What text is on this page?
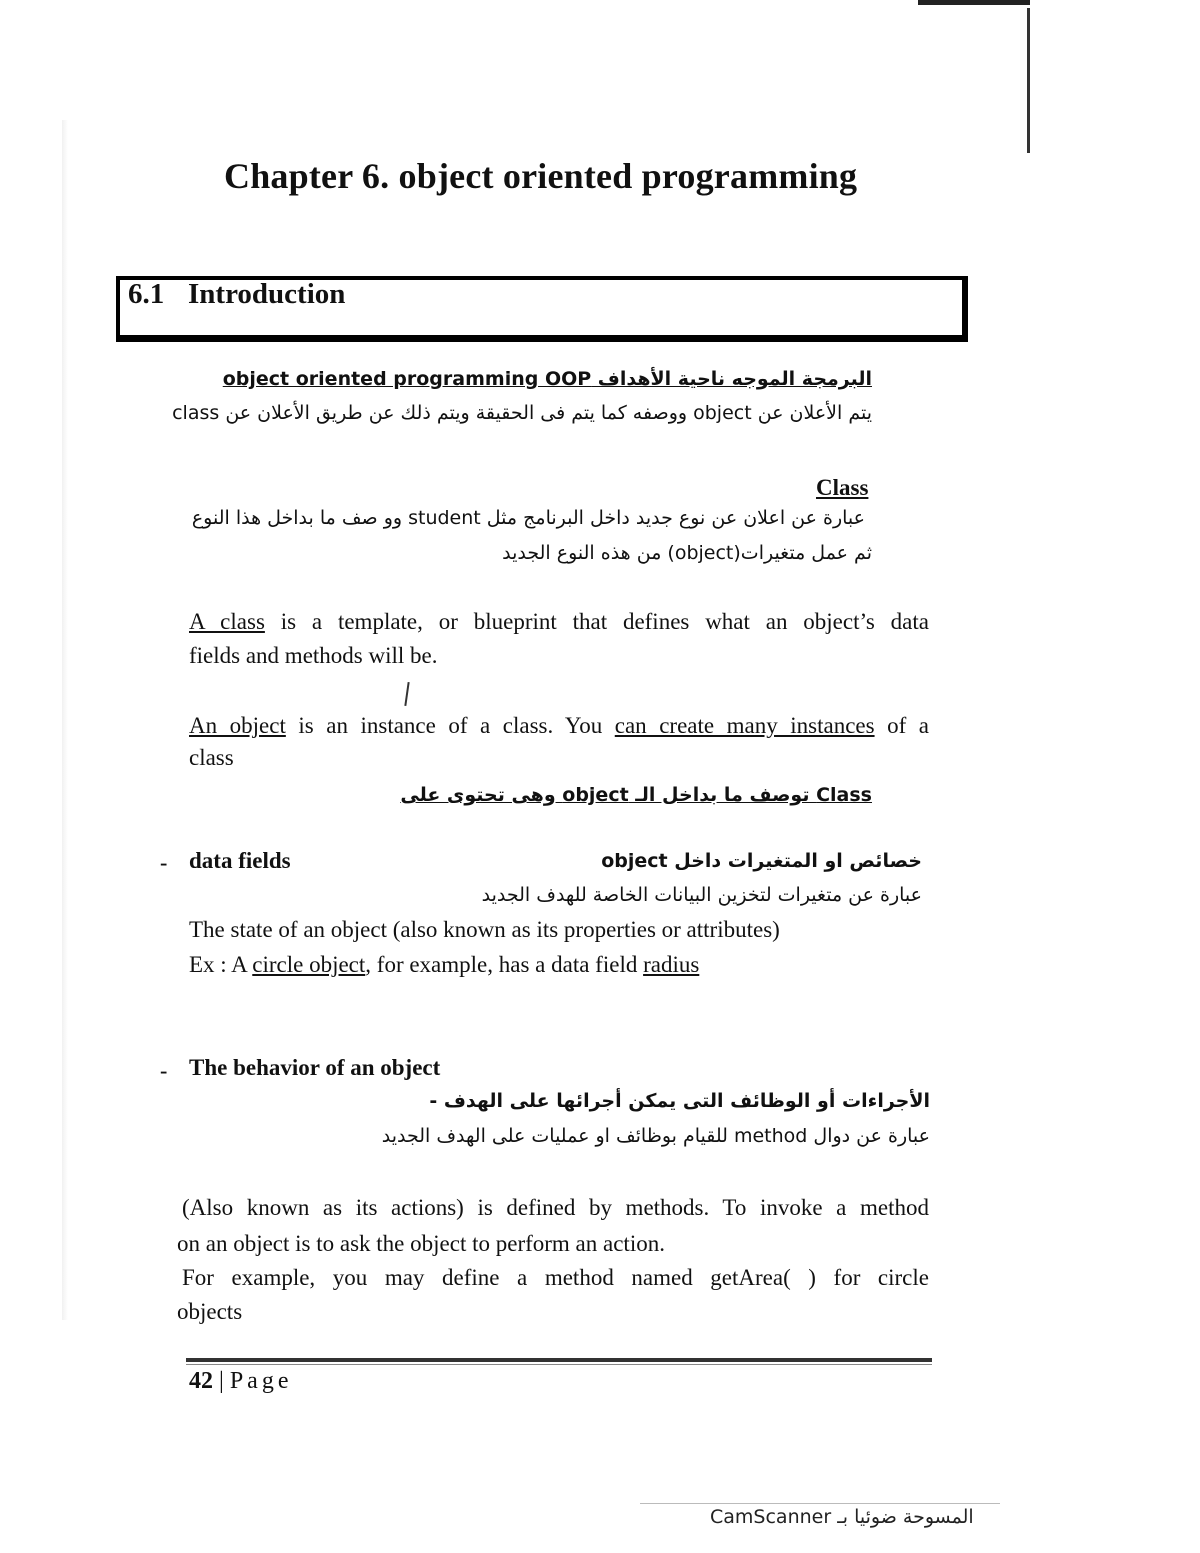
Chapter 6. object oriented programming
6.1 Introduction
البرمجة الموجه ناحية الأهداف object oriented programming OOP
يتم الأعلان عن object ووصفه كما يتم فى الحقيقة ويتم ذلك عن طريق الأعلان عن class
Class
عبارة عن اعلان عن نوع جديد داخل البرنامج مثل student وو صف ما بداخل هذا النوع
ثم عمل متغيرات(object) من هذه النوع الجديد
A class is a template, or blueprint that defines what an object’s data
fields and methods will be.
An object is an instance of a class. You can create many instances of a
class
Class توصف ما بداخل الـ object وهى تحتوى على
- data fields	خصائص او المتغيرات داخل object
عبارة عن متغيرات لتخزين البيانات الخاصة للهدف الجديد
The state of an object (also known as its properties or attributes)
Ex : A circle object, for example, has a data field radius
- The behavior of an object
الأجراءات أو الوظائف التى يمكن أجرائها على الهدف -
عبارة عن دوال method للقيام بوظائف او عمليات على الهدف الجديد
(Also known as its actions) is defined by methods. To invoke a method
on an object is to ask the object to perform an action.
For example, you may define a method named getArea( ) for circle
objects
42 | Page
المسوحة ضوئيا بـ CamScanner
